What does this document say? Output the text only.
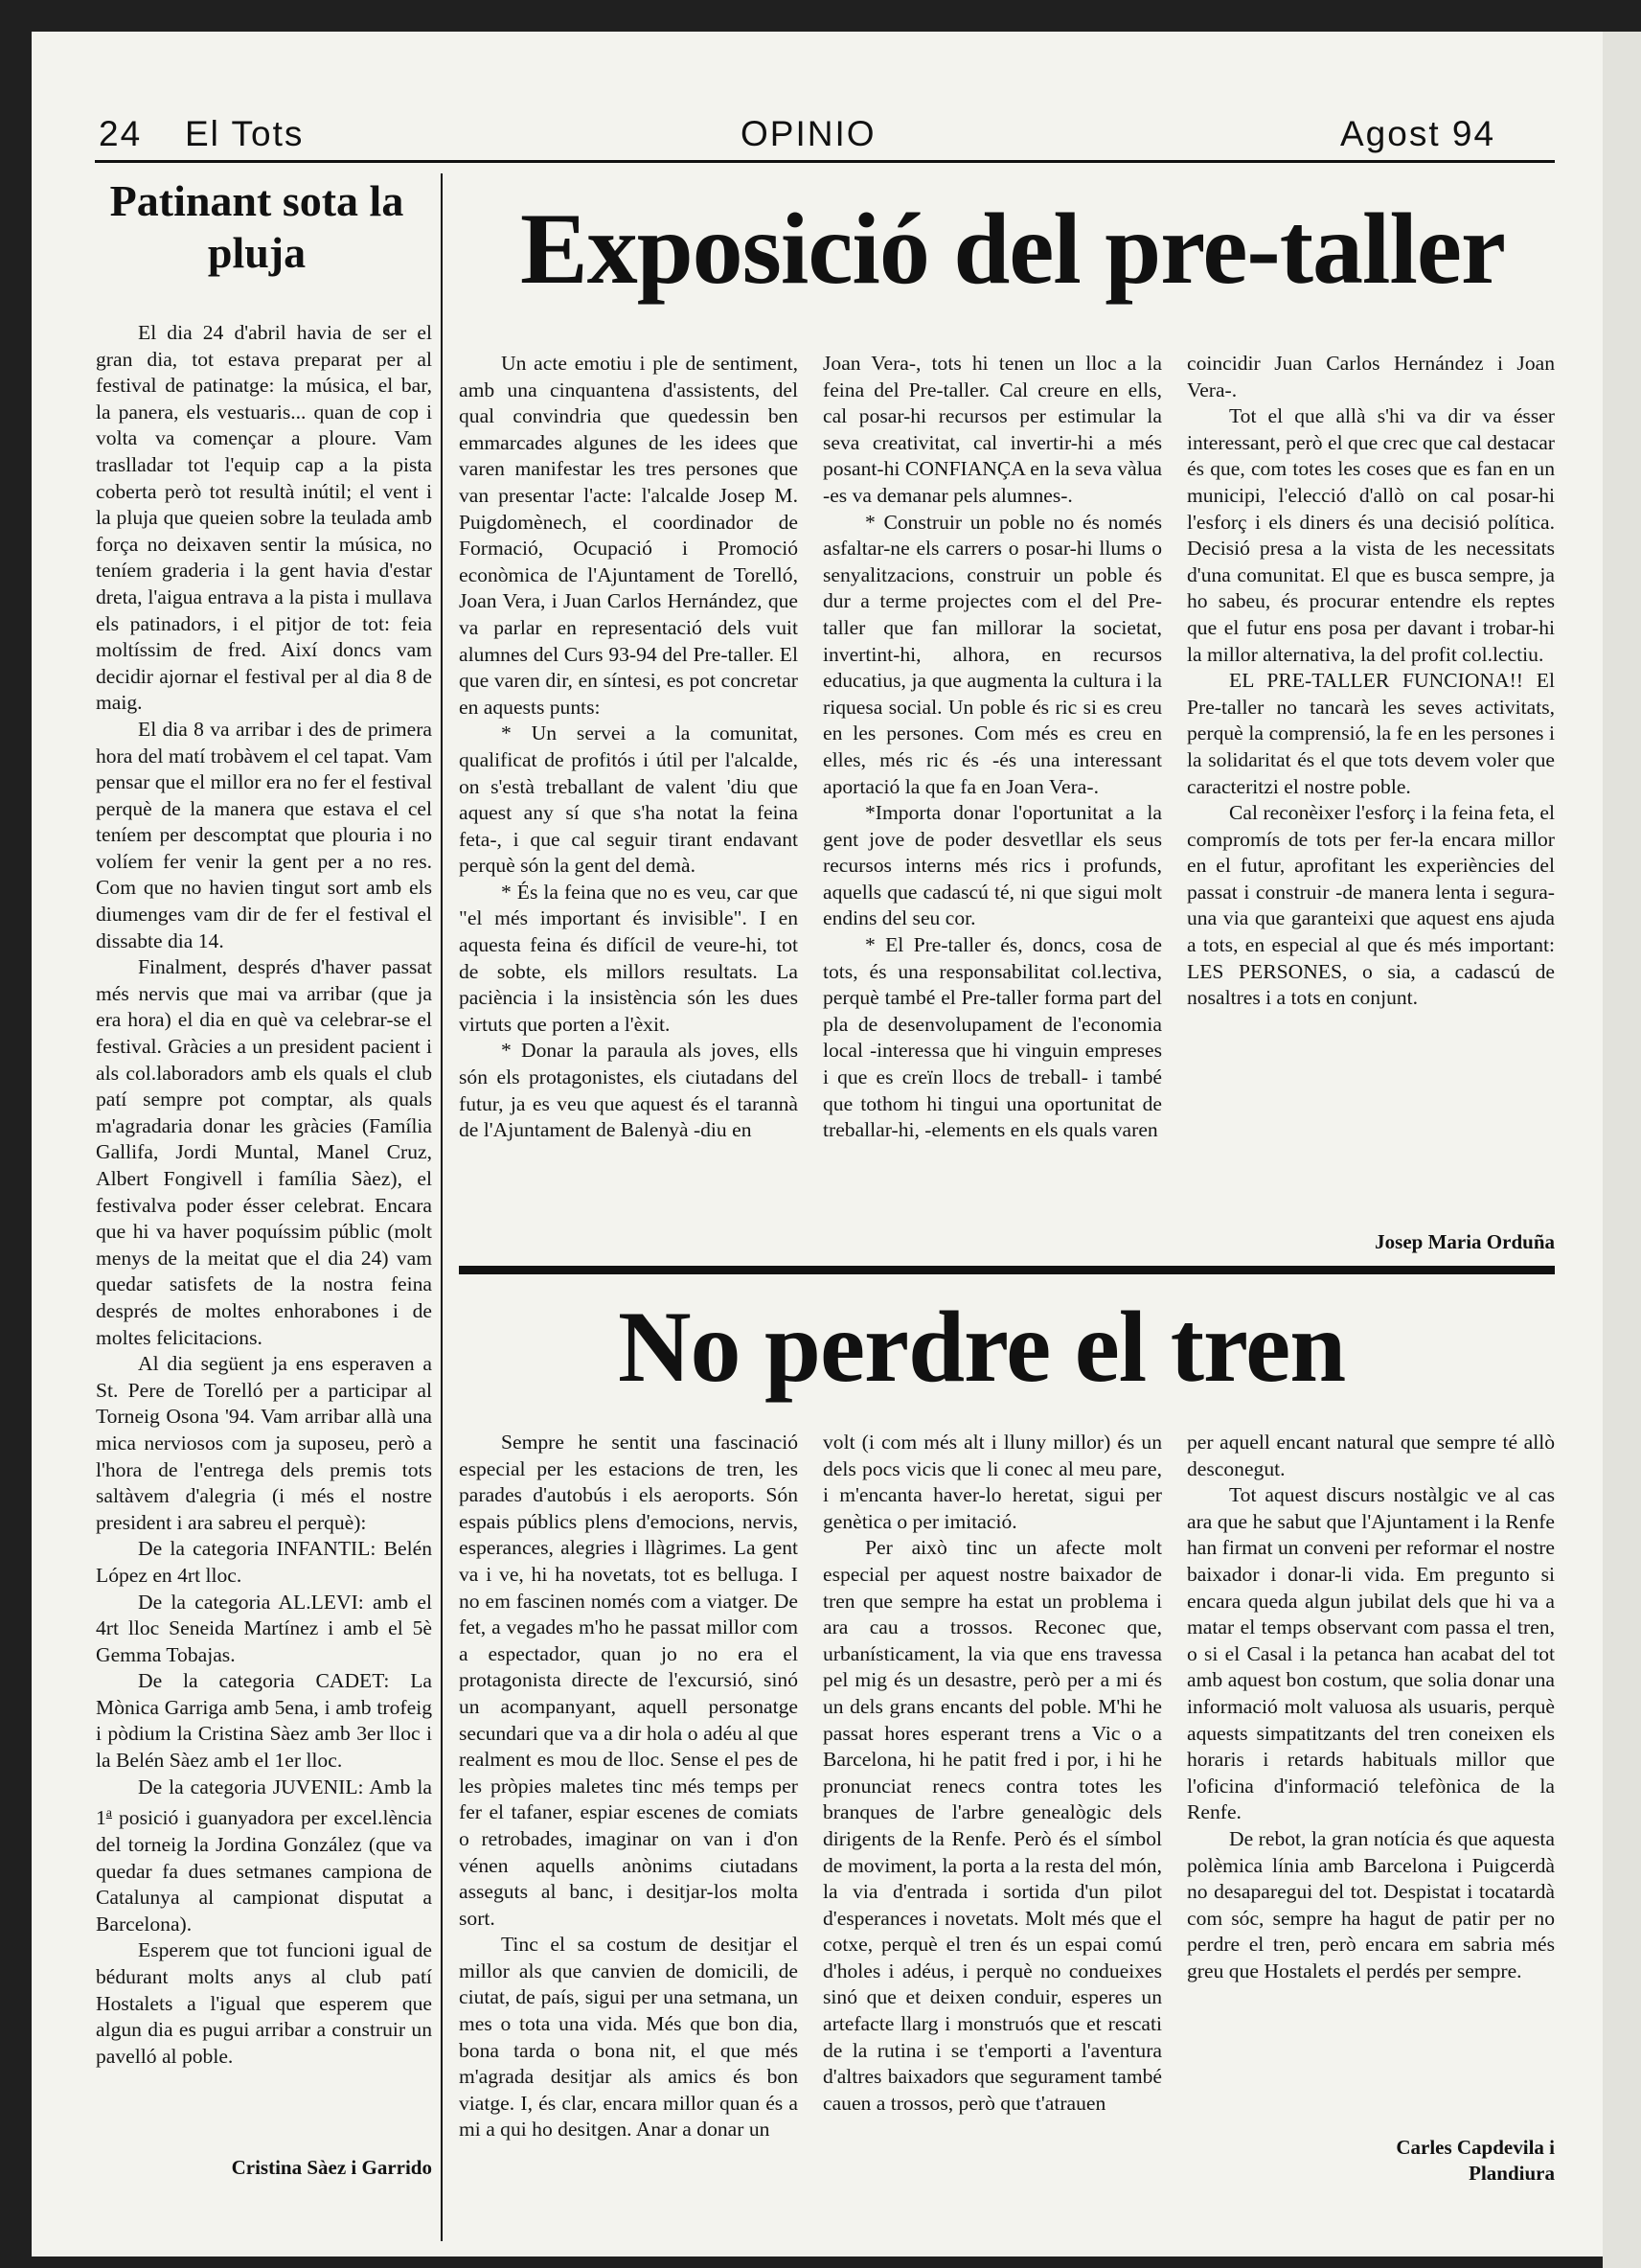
24 El Tots	OPINIO	Agost 94
Patinant sota la pluja

El dia 24 d'abril havia de ser el gran dia, tot estava preparat per al festival de patinatge: la música, el bar, la panera, els vestuaris... quan de cop i volta va començar a ploure. Vam traslladar tot l'equip cap a la pista coberta però tot resultà inútil; el vent i la pluja que queien sobre la teulada amb força no deixaven sentir la música, no teníem graderia i la gent havia d'estar dreta, l'aigua entrava a la pista i mullava els patinadors, i el pitjor de tot: feia moltíssim de fred. Així doncs vam decidir ajornar el festival per al dia 8 de maig.

El dia 8 va arribar i des de primera hora del matí trobàvem el cel tapat. Vam pensar que el millor era no fer el festival perquè de la manera que estava el cel teníem per descomptat que plouria i no volíem fer venir la gent per a no res. Com que no havien tingut sort amb els diumenges vam dir de fer el festival el dissabte dia 14.

Finalment, després d'haver passat més nervis que mai va arribar (que ja era hora) el dia en què va celebrar-se el festival. Gràcies a un president pacient i als col.laboradors amb els quals el club patí sempre pot comptar, als quals m'agradaria donar les gràcies (Família Gallifa, Jordi Muntal, Manel Cruz, Albert Fongivell i família Sàez), el festivalva poder ésser celebrat. Encara que hi va haver poquíssim públic (molt menys de la meitat que el dia 24) vam quedar satisfets de la nostra feina després de moltes enhorabones i de moltes felicitacions.

Al dia següent ja ens esperaven a St. Pere de Torelló per a participar al Torneig Osona '94. Vam arribar allà una mica nerviosos com ja suposeu, però a l'hora de l'entrega dels premis tots saltàvem d'alegria (i més el nostre president i ara sabreu el perquè):

De la categoria INFANTIL: Belén López en 4rt lloc.

De la categoria AL.LEVI: amb el 4rt lloc Seneida Martínez i amb el 5è Gemma Tobajas.

De la categoria CADET: La Mònica Garriga amb 5ena, i amb trofeig i pòdium la Cristina Sàez amb 3er lloc i la Belén Sàez amb el 1er lloc.

De la categoria JUVENIL: Amb la 1$^a$ posició i guanyadora per excel.lència del torneig la Jordina González (que va quedar fa dues setmanes campiona de Catalunya al campionat disputat a Barcelona).

Esperem que tot funcioni igual de bédurant molts anys al club patí Hostalets a l'igual que esperem que algun dia es pugui arribar a construir un pavelló al poble.

Cristina Sàez i Garrido
Exposició del pre-taller

Un acte emotiu i ple de sentiment, amb una cinquantena d'assistents, del qual convindria que quedessin ben emmarcades algunes de les idees que varen manifestar les tres persones que van presentar l'acte: l'alcalde Josep M. Puigdomènech, el coordinador de Formació, Ocupació i Promoció econòmica de l'Ajuntament de Torelló, Joan Vera, i Juan Carlos Hernández, que va parlar en representació dels vuit alumnes del Curs 93-94 del Pre-taller. El que varen dir, en síntesi, es pot concretar en aquests punts:

* Un servei a la comunitat, qualificat de profitós i útil per l'alcalde, on s'està treballant de valent 'diu que aquest any sí que s'ha notat la feina feta-, i que cal seguir tirant endavant perquè són la gent del demà.

* És la feina que no es veu, car que "el més important és invisible". I en aquesta feina és difícil de veure-hi, tot de sobte, els millors resultats. La paciència i la insistència són les dues virtuts que porten a l'èxit.

* Donar la paraula als joves, ells són els protagonistes, els ciutadans del futur, ja es veu que aquest és el tarannà de l'Ajuntament de Balenyà -diu en

Joan Vera-, tots hi tenen un lloc a la feina del Pre-taller. Cal creure en ells, cal posar-hi recursos per estimular la seva creativitat, cal invertir-hi a més posant-hi CONFIANÇA en la seva vàlua -es va demanar pels alumnes-.

* Construir un poble no és només asfaltar-ne els carrers o posar-hi llums o senyalitzacions, construir un poble és dur a terme projectes com el del Pre-taller que fan millorar la societat, invertint-hi, alhora, en recursos educatius, ja que augmenta la cultura i la riquesa social. Un poble és ric si es creu en les persones. Com més es creu en elles, més ric és -és una interessant aportació la que fa en Joan Vera-.

*Importa donar l'oportunitat a la gent jove de poder desvetllar els seus recursos interns més rics i profunds, aquells que cadascú té, ni que sigui molt endins del seu cor.

* El Pre-taller és, doncs, cosa de tots, és una responsabilitat col.lectiva, perquè també el Pre-taller forma part del pla de desenvolupament de l'economia local -interessa que hi vinguin empreses i que es creïn llocs de treball- i també que tothom hi tingui una oportunitat de treballar-hi, -elements en els quals varen

coincidir Juan Carlos Hernández i Joan Vera-.

Tot el que allà s'hi va dir va ésser interessant, però el que crec que cal destacar és que, com totes les coses que es fan en un municipi, l'elecció d'allò on cal posar-hi l'esforç i els diners és una decisió política. Decisió presa a la vista de les necessitats d'una comunitat. El que es busca sempre, ja ho sabeu, és procurar entendre els reptes que el futur ens posa per davant i trobar-hi la millor alternativa, la del profit col.lectiu.

EL PRE-TALLER FUNCIONA!! El Pre-taller no tancarà les seves activitats, perquè la comprensió, la fe en les persones i la solidaritat és el que tots devem voler que caracteritzi el nostre poble.

Cal reconèixer l'esforç i la feina feta, el compromís de tots per fer-la encara millor en el futur, aprofitant les experiències del passat i construir -de manera lenta i segura- una via que garanteixi que aquest ens ajuda a tots, en especial al que és més important: LES PERSONES, o sia, a cadascú de nosaltres i a tots en conjunt.

Josep Maria Orduña
No perdre el tren

Sempre he sentit una fascinació especial per les estacions de tren, les parades d'autobús i els aeroports. Són espais públics plens d'emocions, nervis, esperances, alegries i llàgrimes. La gent va i ve, hi ha novetats, tot es belluga. I no em fascinen només com a viatger. De fet, a vegades m'ho he passat millor com a espectador, quan jo no era el protagonista directe de l'excursió, sinó un acompanyant, aquell personatge secundari que va a dir hola o adéu al que realment es mou de lloc. Sense el pes de les pròpies maletes tinc més temps per fer el tafaner, espiar escenes de comiats o retrobades, imaginar on van i d'on vénen aquells anònims ciutadans asseguts al banc, i desitjar-los molta sort.

Tinc el sa costum de desitjar el millor als que canvien de domicili, de ciutat, de país, sigui per una setmana, un mes o tota una vida. Més que bon dia, bona tarda o bona nit, el que més m'agrada desitjar als amics és bon viatge. I, és clar, encara millor quan és a mi a qui ho desitgen. Anar a donar un

volt (i com més alt i lluny millor) és un dels pocs vicis que li conec al meu pare, i m'encanta haver-lo heretat, sigui per genètica o per imitació.

Per això tinc un afecte molt especial per aquest nostre baixador de tren que sempre ha estat un problema i ara cau a trossos. Reconec que, urbanísticament, la via que ens travessa pel mig és un desastre, però per a mi és un dels grans encants del poble. M'hi he passat hores esperant trens a Vic o a Barcelona, hi he patit fred i por, i hi he pronunciat renecs contra totes les branques de l'arbre genealògic dels dirigents de la Renfe. Però és el símbol de moviment, la porta a la resta del món, la via d'entrada i sortida d'un pilot d'esperances i novetats. Molt més que el cotxe, perquè el tren és un espai comú d'holes i adéus, i perquè no condueixes sinó que et deixen conduir, esperes un artefacte llarg i monstruós que et rescati de la rutina i se t'emporti a l'aventura d'altres baixadors que segurament també cauen a trossos, però que t'atrauen

per aquell encant natural que sempre té allò desconegut.

Tot aquest discurs nostàlgic ve al cas ara que he sabut que l'Ajuntament i la Renfe han firmat un conveni per reformar el nostre baixador i donar-li vida. Em pregunto si encara queda algun jubilat dels que hi va a matar el temps observant com passa el tren, o si el Casal i la petanca han acabat del tot amb aquest bon costum, que solia donar una informació molt valuosa als usuaris, perquè aquests simpatitzants del tren coneixen els horaris i retards habituals millor que l'oficina d'informació telefònica de la Renfe.

De rebot, la gran notícia és que aquesta polèmica línia amb Barcelona i Puigcerdà no desaparegui del tot. Despistat i tocatardà com sóc, sempre ha hagut de patir per no perdre el tren, però encara em sabria més greu que Hostalets el perdés per sempre.

Carles Capdevila i
Plandiura
